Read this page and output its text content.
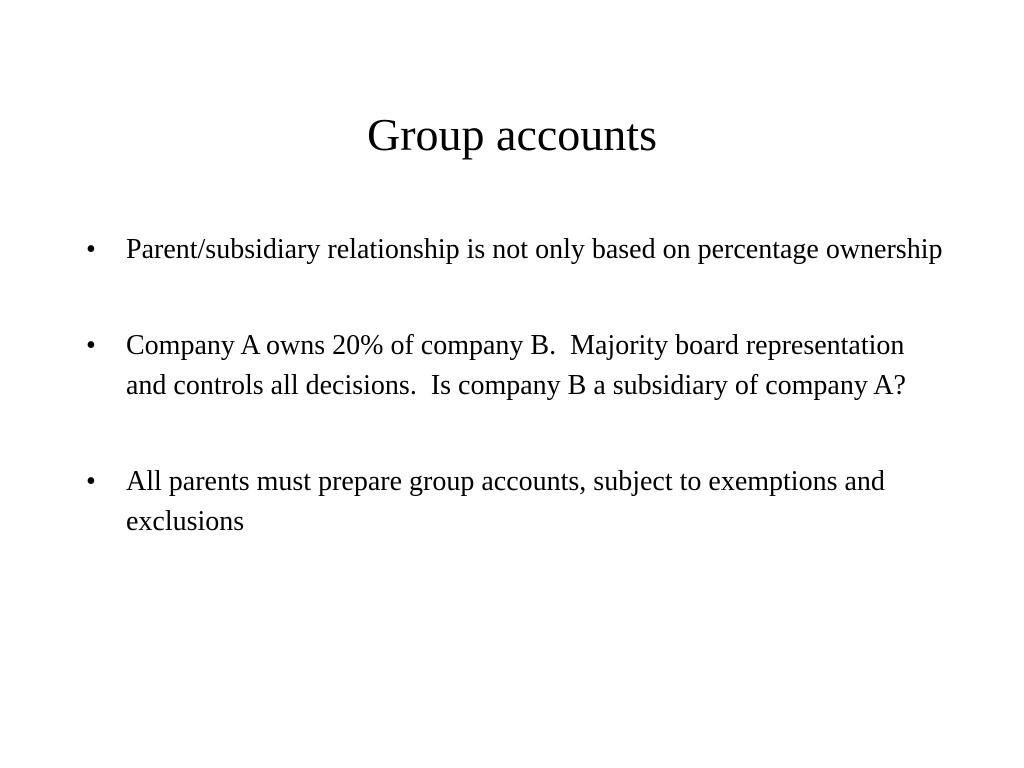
Group accounts
•	Parent/subsidiary relationship is not only based on percentage ownership
•	Company A owns 20% of company B.  Majority board representation and controls all decisions.  Is company B a subsidiary of company A?
•	All parents must prepare group accounts, subject to exemptions and exclusions
